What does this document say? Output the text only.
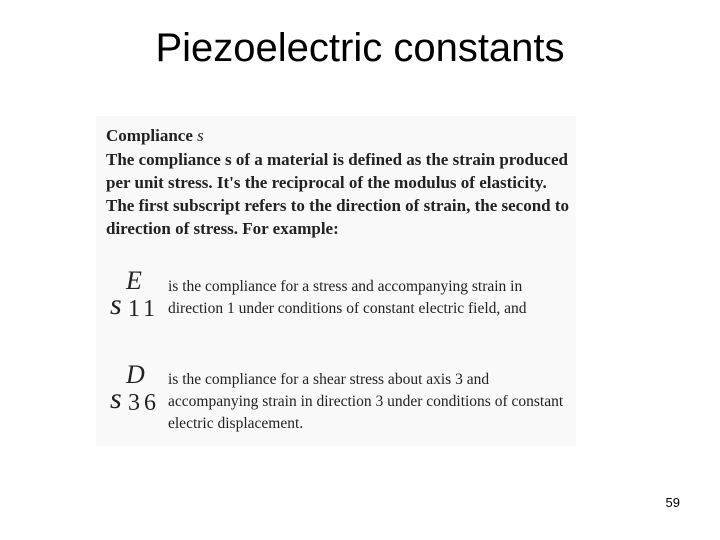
Piezoelectric constants
Compliance s
The compliance s of a material is defined as the strain produced per unit stress. It's the reciprocal of the modulus of elasticity. The first subscript refers to the direction of strain, the second to direction of stress. For example:
s
E
11
is the compliance for a stress and accompanying strain in direction 1 under conditions of constant electric field, and
s
D
36
is the compliance for a shear stress about axis 3 and accompanying strain in direction 3 under conditions of constant electric displacement.
59
